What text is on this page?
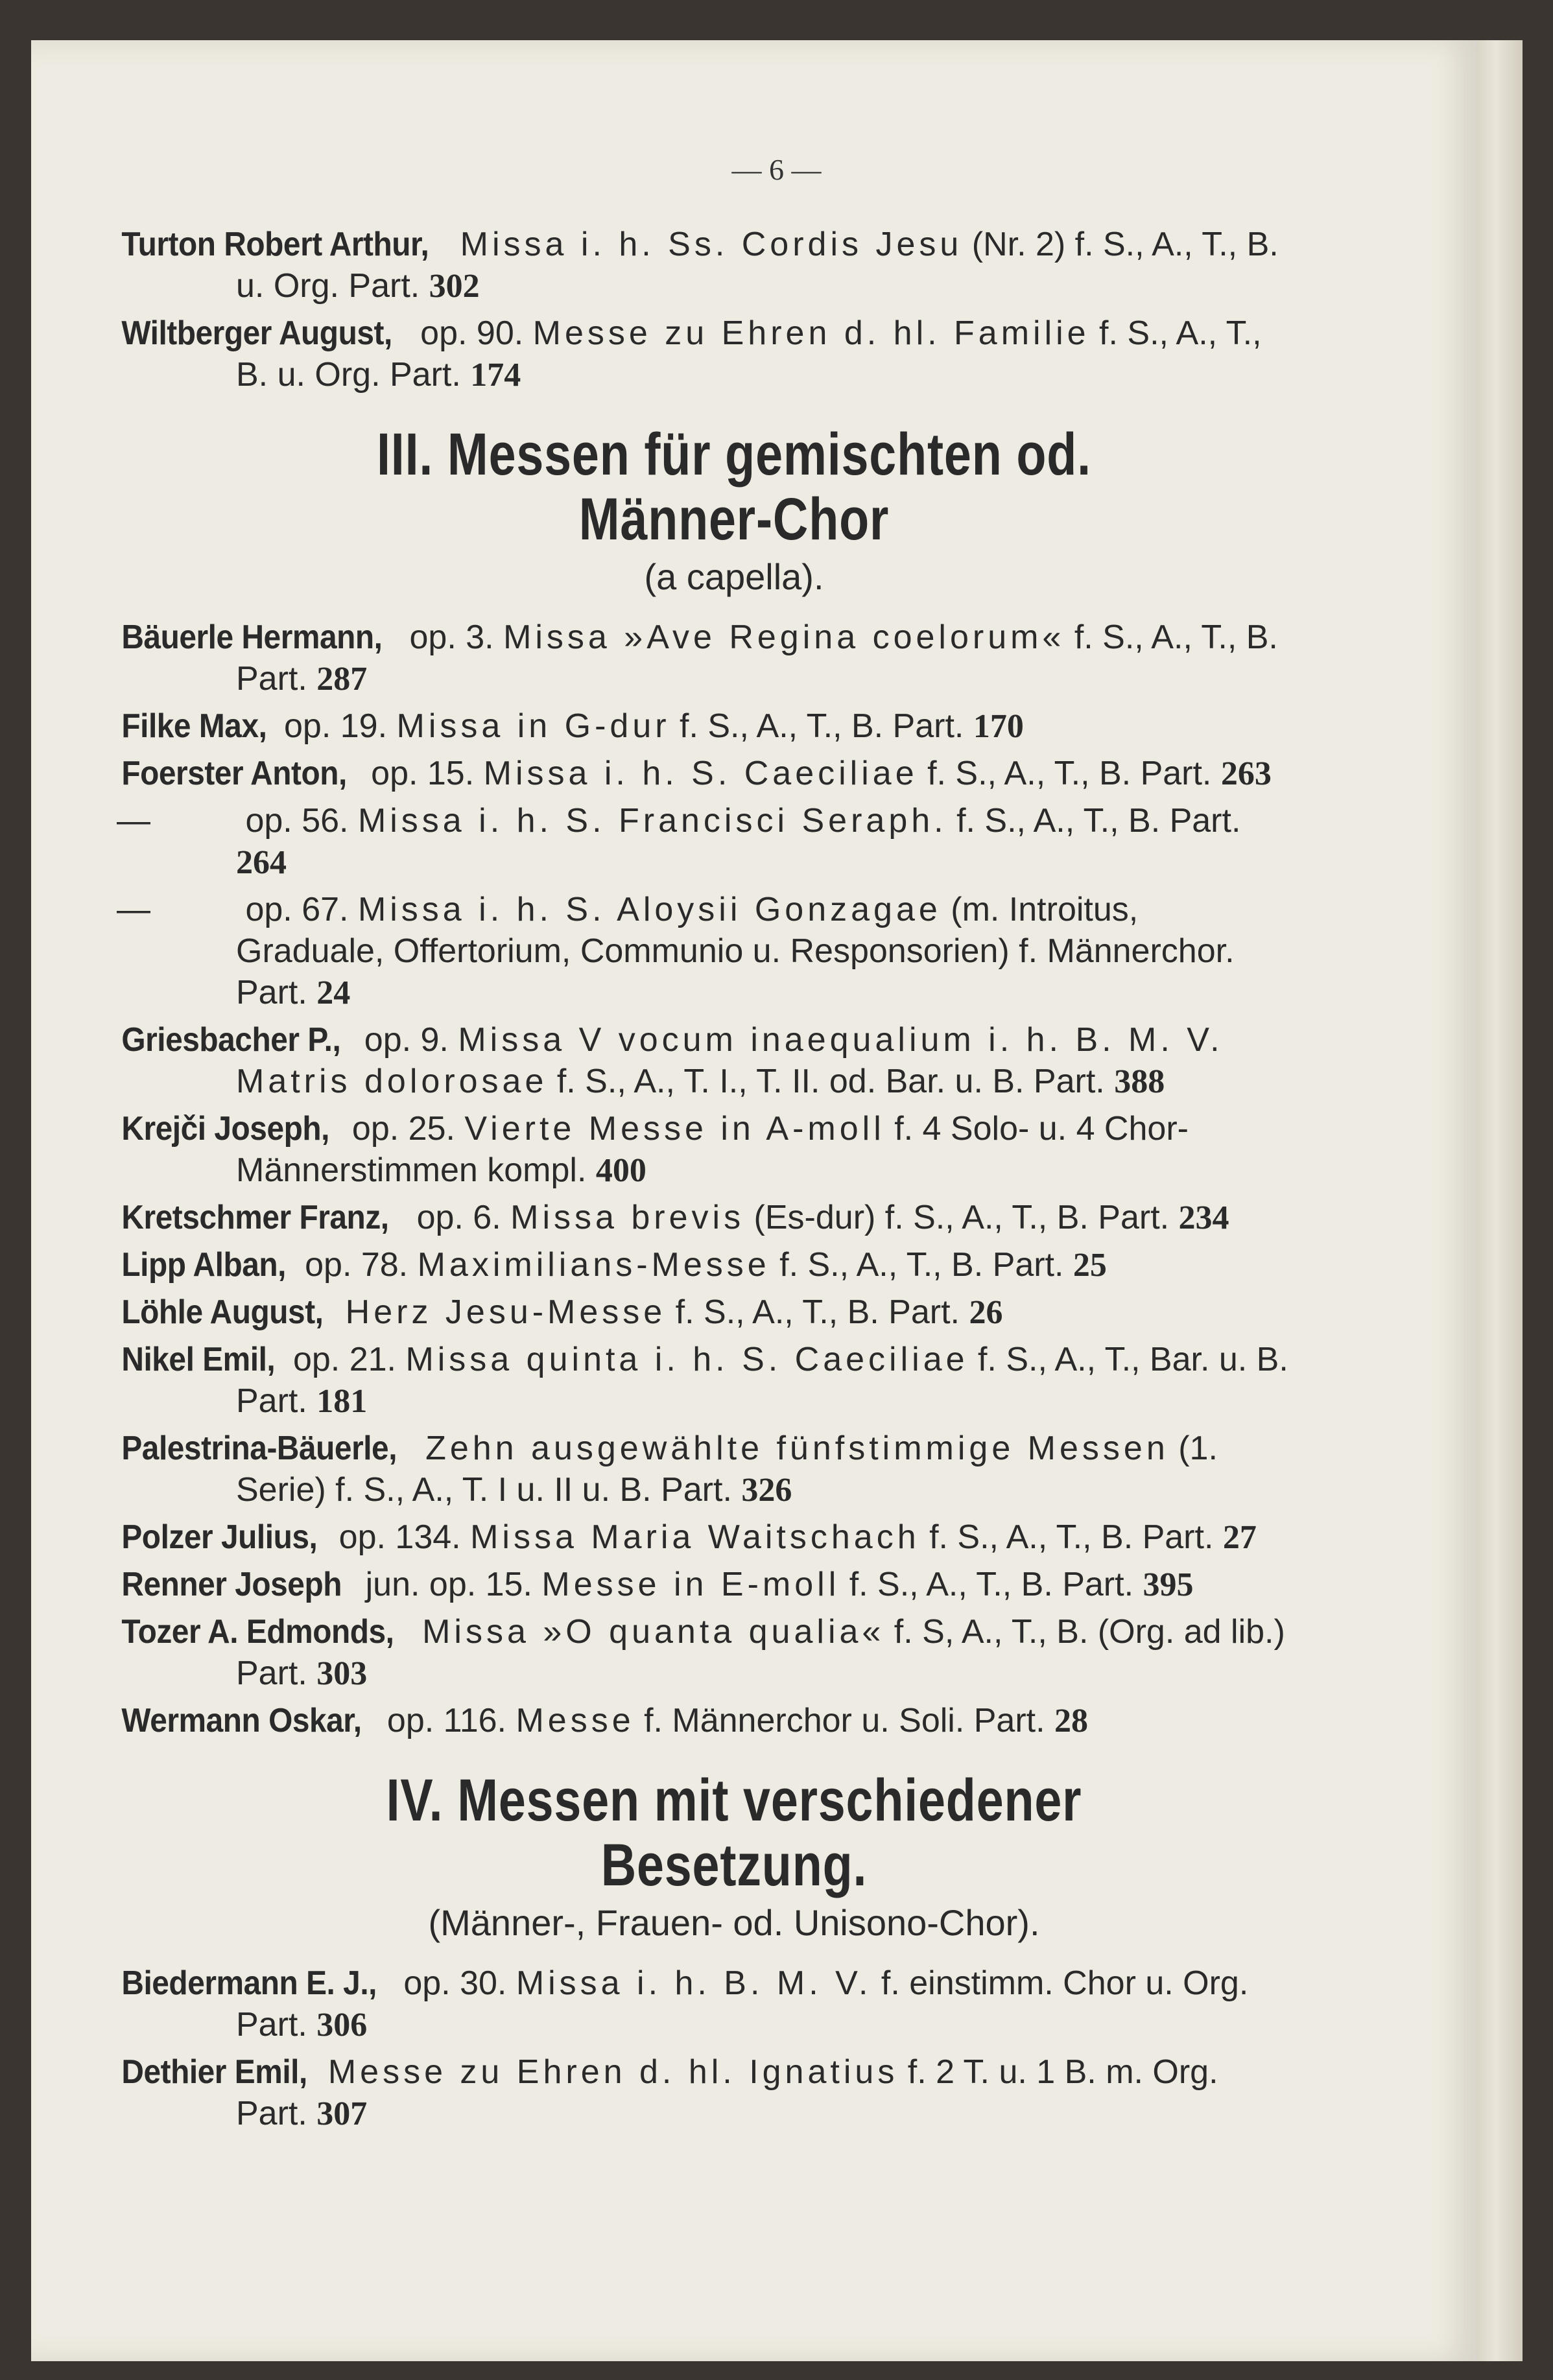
— 6 —

Turton Robert Arthur, Missa i. h. Ss. Cordis Jesu (Nr. 2) f. S., A., T., B. u. Org. Part. 302

Wiltberger August, op. 90. Messe zu Ehren d. hl. Familie f. S., A., T., B. u. Org. Part. 174

III. Messen für gemischten od. Männer-Chor
(a capella).

Bäuerle Hermann, op. 3. Missa »Ave Regina coelorum« f. S., A., T., B. Part. 287

Filke Max, op. 19. Missa in G-dur f. S., A., T., B. Part. 170

Foerster Anton, op. 15. Missa i. h. S. Caeciliae f. S., A., T., B. Part. 263

—	op. 56. Missa i. h. S. Francisci Seraph. f. S., A., T., B. Part. 264

—	op. 67. Missa i. h. S. Aloysii Gonzagae (m. Introitus, Graduale, Offertorium, Communio u. Responsorien) f. Männerchor. Part. 24

Griesbacher P., op. 9. Missa V vocum inaequalium i. h. B. M. V. Matris dolorosae f. S., A., T. I., T. II. od. Bar. u. B. Part. 388

Krejči Joseph, op. 25. Vierte Messe in A-moll f. 4 Solo- u. 4 Chor-Männerstimmen kompl. 400

Kretschmer Franz, op. 6. Missa brevis (Es-dur) f. S., A., T., B. Part. 234

Lipp Alban, op. 78. Maximilians-Messe f. S., A., T., B. Part. 25

Löhle August, Herz Jesu-Messe f. S., A., T., B. Part. 26

Nikel Emil, op. 21. Missa quinta i. h. S. Caeciliae f. S., A., T., Bar. u. B. Part. 181

Palestrina-Bäuerle, Zehn ausgewählte fünfstimmige Messen (1. Serie) f. S., A., T. I u. II u. B. Part. 326

Polzer Julius, op. 134. Missa Maria Waitschach f. S., A., T., B. Part. 27

Renner Joseph jun. op. 15. Messe in E-moll f. S., A., T., B. Part. 395

Tozer A. Edmonds, Missa »O quanta qualia« f. S, A., T., B. (Org. ad lib.) Part. 303

Wermann Oskar, op. 116. Messe f. Männerchor u. Soli. Part. 28

IV. Messen mit verschiedener Besetzung.
(Männer-, Frauen- od. Unisono-Chor).

Biedermann E. J., op. 30. Missa i. h. B. M. V. f. einstimm. Chor u. Org. Part. 306

Dethier Emil, Messe zu Ehren d. hl. Ignatius f. 2 T. u. 1 B. m. Org. Part. 307
